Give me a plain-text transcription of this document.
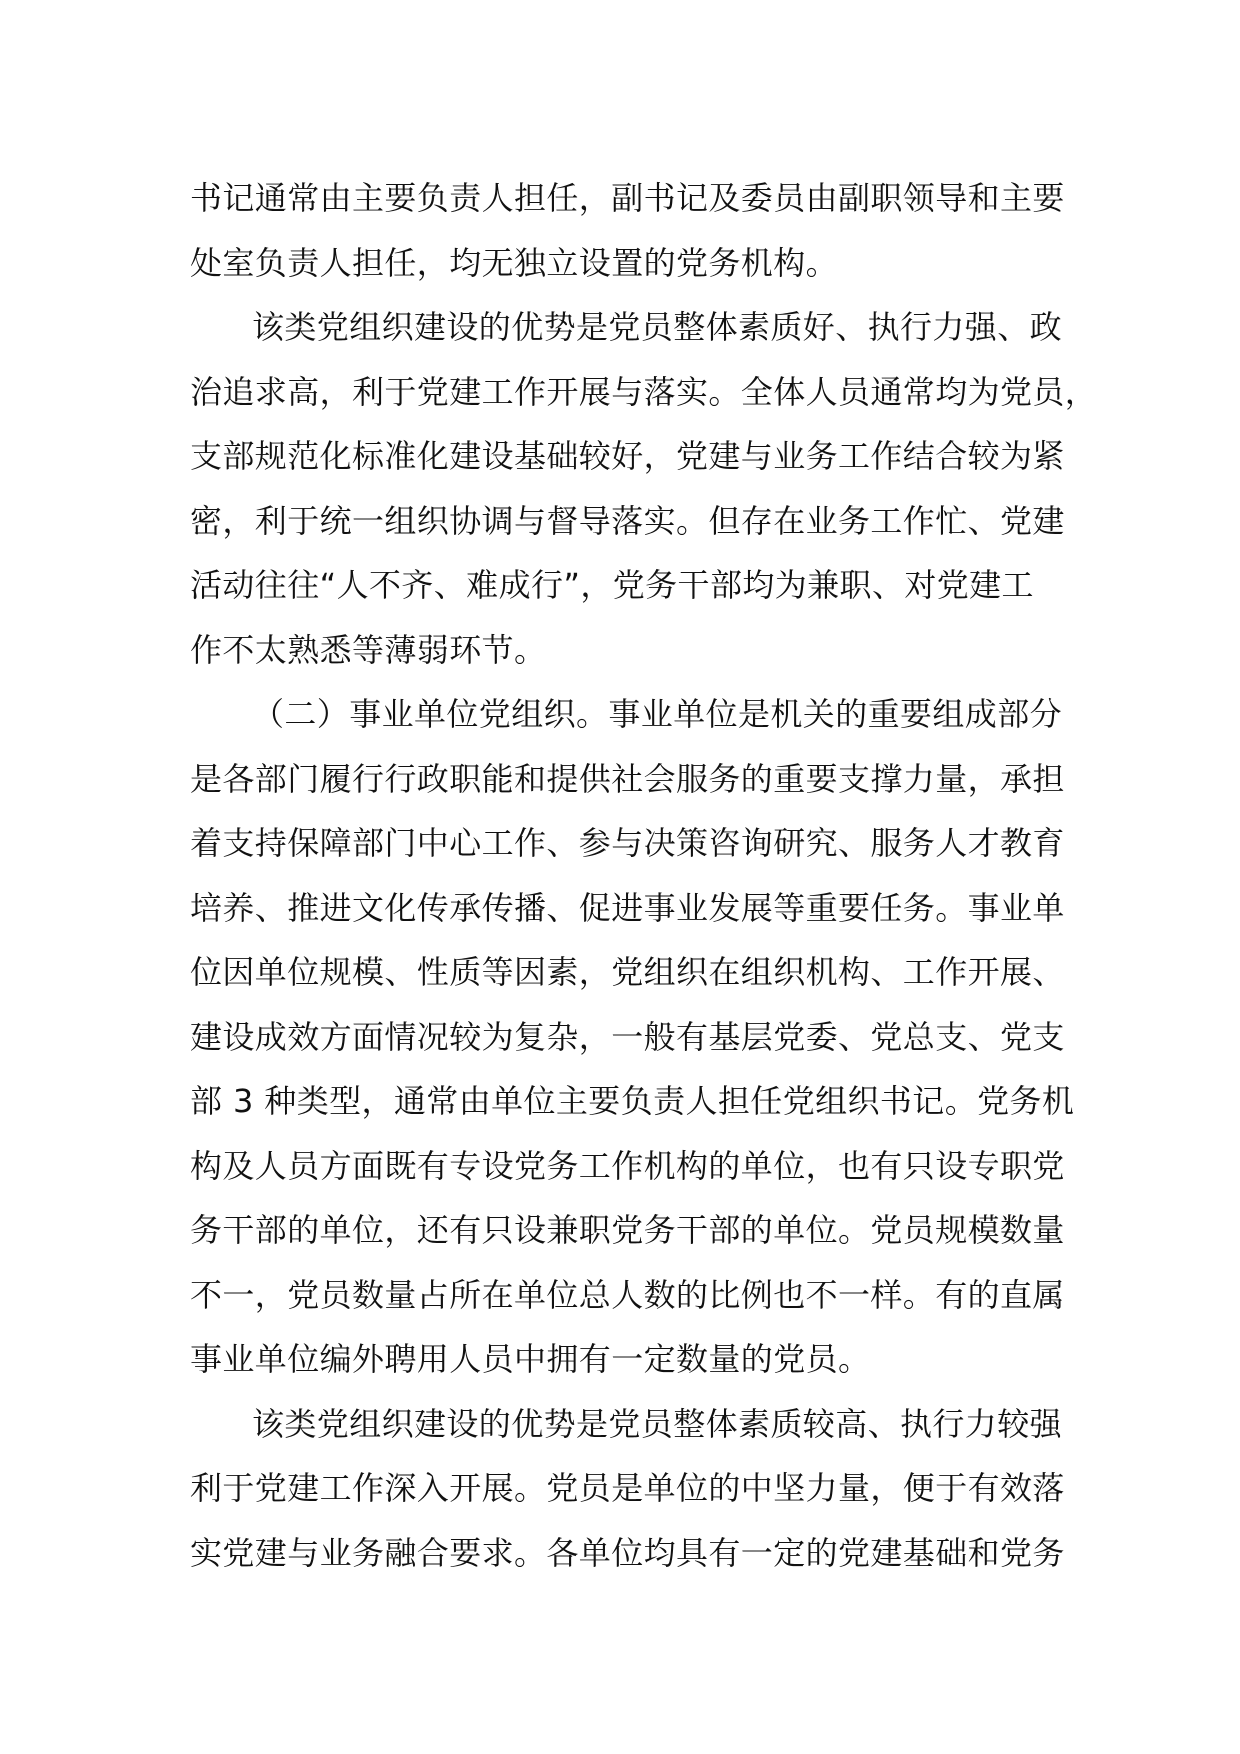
书记通常由主要负责人担任，副书记及委员由副职领导和主要
处室负责人担任，均无独立设置的党务机构。
该类党组织建设的优势是党员整体素质好、执行力强、政
治追求高，利于党建工作开展与落实。全体人员通常均为党员，
支部规范化标准化建设基础较好，党建与业务工作结合较为紧
密，利于统一组织协调与督导落实。但存在业务工作忙、党建
活动往往“人不齐、难成行”，党务干部均为兼职、对党建工
作不太熟悉等薄弱环节。
（二）事业单位党组织。事业单位是机关的重要组成部分
是各部门履行行政职能和提供社会服务的重要支撑力量，承担
着支持保障部门中心工作、参与决策咨询研究、服务人才教育
培养、推进文化传承传播、促进事业发展等重要任务。事业单
位因单位规模、性质等因素，党组织在组织机构、工作开展、
建设成效方面情况较为复杂，一般有基层党委、党总支、党支
部 3 种类型，通常由单位主要负责人担任党组织书记。党务机
构及人员方面既有专设党务工作机构的单位，也有只设专职党
务干部的单位，还有只设兼职党务干部的单位。党员规模数量
不一，党员数量占所在单位总人数的比例也不一样。有的直属
事业单位编外聘用人员中拥有一定数量的党员。
该类党组织建设的优势是党员整体素质较高、执行力较强
利于党建工作深入开展。党员是单位的中坚力量，便于有效落
实党建与业务融合要求。各单位均具有一定的党建基础和党务
